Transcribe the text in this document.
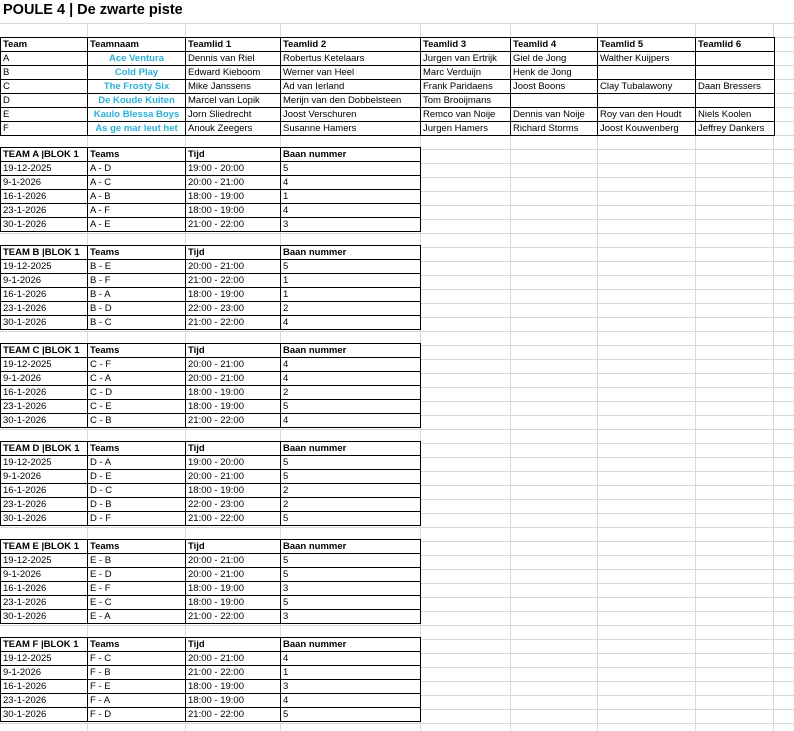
POULE 4 | De zwarte piste
Team	Teamnaam	Teamlid 1	Teamlid 2	Teamlid 3	Teamlid 4	Teamlid 5	Teamlid 6
A	Ace Ventura	Dennis van Riel	Robertus Ketelaars	Jurgen van Ertrijk	Giel de Jong	Walther Kuijpers	
B	Cold Play	Edward Kieboom	Werner van Heel	Marc Verduijn	Henk de Jong		
C	The Frosty Six	Mike Janssens	Ad van Ierland	Frank Paridaens	Joost Boons	Clay Tubalawony	Daan Bressers
D	De Koude Kuiten	Marcel van Lopik	Merijn van den Dobbelsteen	Tom Brooijmans			
E	Kaulo Blessa Boys	Jorn Sliedrecht	Joost Verschuren	Remco van Noije	Dennis van Noije	Roy van den Houdt	Niels Koolen
F	As ge mar leut het	Anouk Zeegers	Susanne Hamers	Jurgen Hamers	Richard Storms	Joost Kouwenberg	Jeffrey Dankers
TEAM A |BLOK 1	Teams	Tijd	Baan nummer
19-12-2025	A - D	19:00 - 20:00	5
9-1-2026	A - C	20:00 - 21:00	4
16-1-2026	A - B	18:00 - 19:00	1
23-1-2026	A - F	18:00 - 19:00	4
30-1-2026	A - E	21:00 - 22:00	3
TEAM B |BLOK 1	Teams	Tijd	Baan nummer
19-12-2025	B - E	20:00 - 21:00	5
9-1-2026	B - F	21:00 - 22:00	1
16-1-2026	B - A	18:00 - 19:00	1
23-1-2026	B - D	22:00 - 23:00	2
30-1-2026	B - C	21:00 - 22:00	4
TEAM C |BLOK 1	Teams	Tijd	Baan nummer
19-12-2025	C - F	20:00 - 21:00	4
9-1-2026	C - A	20:00 - 21:00	4
16-1-2026	C - D	18:00 - 19:00	2
23-1-2026	C - E	18:00 - 19:00	5
30-1-2026	C - B	21:00 - 22:00	4
TEAM D |BLOK 1	Teams	Tijd	Baan nummer
19-12-2025	D - A	19:00 - 20:00	5
9-1-2026	D - E	20:00 - 21:00	5
16-1-2026	D - C	18:00 - 19:00	2
23-1-2026	D - B	22:00 - 23:00	2
30-1-2026	D - F	21:00 - 22:00	5
TEAM E |BLOK 1	Teams	Tijd	Baan nummer
19-12-2025	E - B	20:00 - 21:00	5
9-1-2026	E - D	20:00 - 21:00	5
16-1-2026	E - F	18:00 - 19:00	3
23-1-2026	E - C	18:00 - 19:00	5
30-1-2026	E - A	21:00 - 22:00	3
TEAM F |BLOK 1	Teams	Tijd	Baan nummer
19-12-2025	F - C	20:00 - 21:00	4
9-1-2026	F - B	21:00 - 22:00	1
16-1-2026	F - E	18:00 - 19:00	3
23-1-2026	F - A	18:00 - 19:00	4
30-1-2026	F - D	21:00 - 22:00	5
